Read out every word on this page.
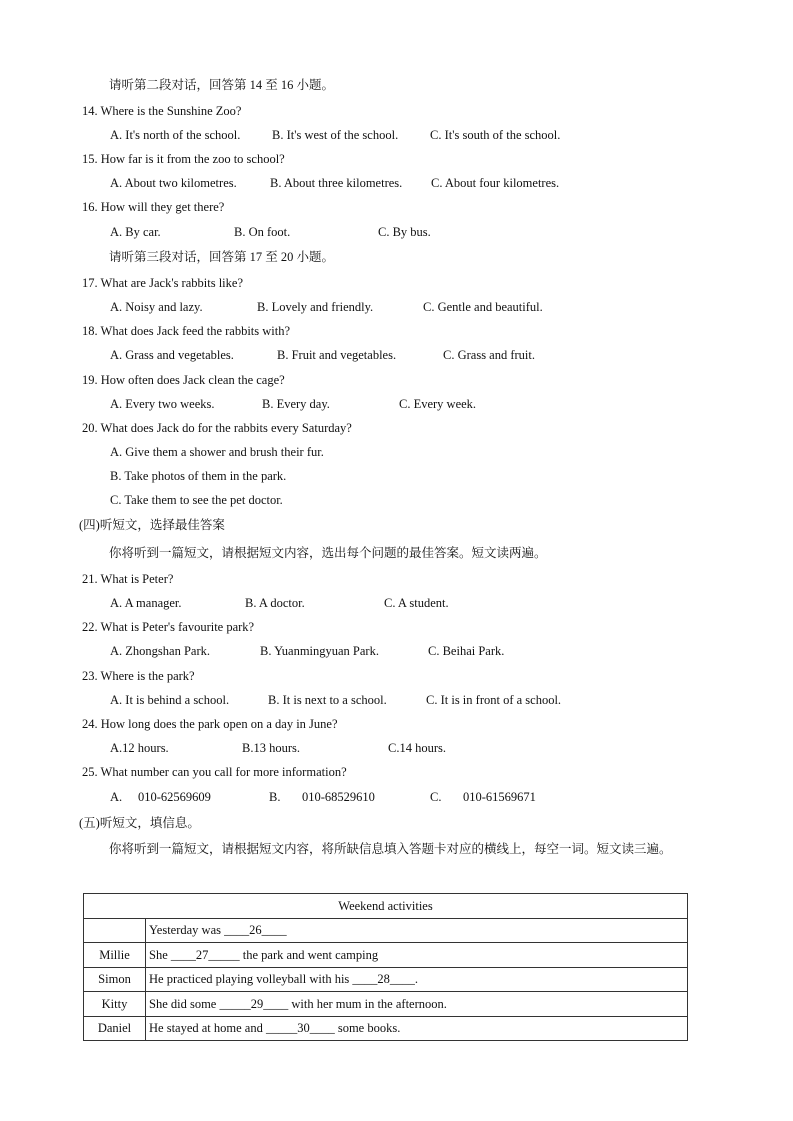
请听第二段对话，回答第 14 至 16 小题。
14. Where is the Sunshine Zoo?
A. It's north of the school.	B. It's west of the school.	C. It's south of the school.
15. How far is it from the zoo to school?
A. About two kilometres.	B. About three kilometres. C. About four kilometres.
16. How will they get there?
A. By car.	B. On foot.	C. By bus.
请听第三段对话，回答第 17 至 20 小题。
17. What are Jack's rabbits like?
A. Noisy and lazy.	B. Lovely and friendly.	C. Gentle and beautiful.
18. What does Jack feed the rabbits with?
A. Grass and vegetables.	B. Fruit and vegetables.	C. Grass and fruit.
19. How often does Jack clean the cage?
A. Every two weeks.	B. Every day.	C. Every week.
20. What does Jack do for the rabbits every Saturday?
A. Give them a shower and brush their fur.
B. Take photos of them in the park.
C. Take them to see the pet doctor.
(四)听短文，选择最佳答案
你将听到一篇短文，请根据短文内容，选出每个问题的最佳答案。短文读两遍。
21. What is Peter?
A. A manager.	B. A doctor.	C. A student.
22. What is Peter's favourite park?
A. Zhongshan Park.	B. Yuanmingyuan Park.	C. Beihai Park.
23. Where is the park?
A. It is behind a school.	B. It is next to a school.	C. It is in front of a school.
24. How long does the park open on a day in June?
A.12 hours.	B.13 hours.	C.14 hours.
25. What number can you call for more information?
A. 010-62569609	B. 010-68529610	C. 010-61569671
(五)听短文，填信息。
你将听到一篇短文，请根据短文内容，将所缺信息填入答题卡对应的横线上，每空一词。短文读三遍。
Weekend activities	
	Yesterday was ____26____
Millie	She ____27_____ the park and went camping
Simon	He practiced playing volleyball with his ____28____.
Kitty	She did some _____29____ with her mum in the afternoon.
Daniel	He stayed at home and _____30____ some books.
